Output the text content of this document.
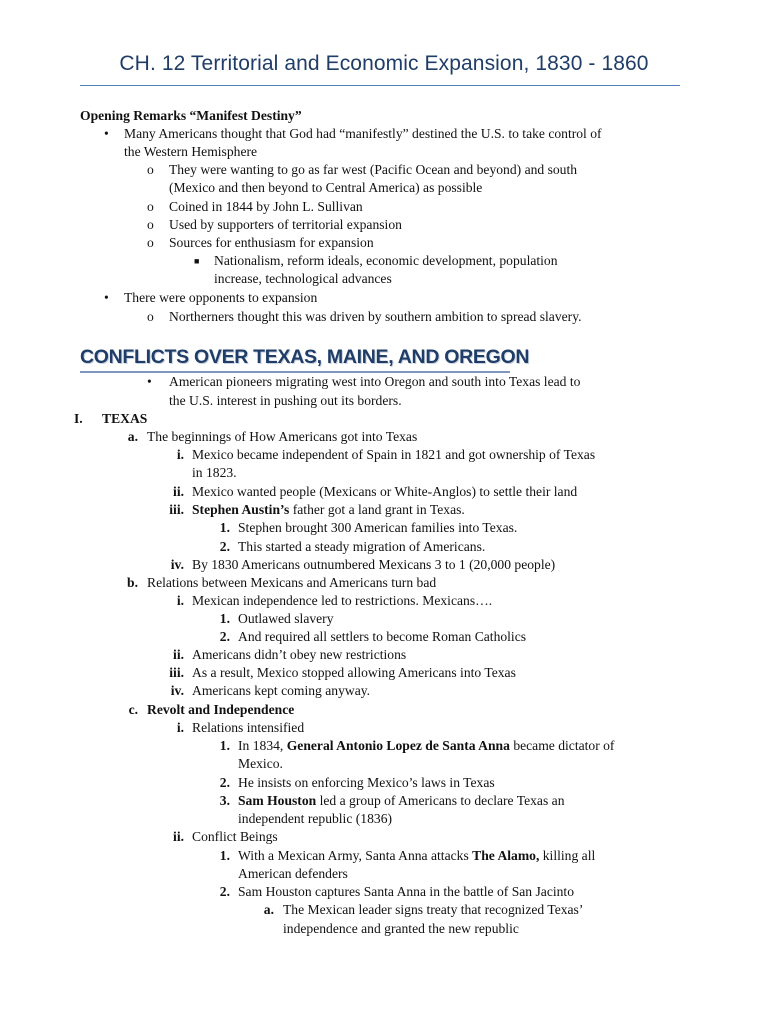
CH. 12 Territorial and Economic Expansion, 1830 - 1860
Opening Remarks “Manifest Destiny”
• Many Americans thought that God had “manifestly” destined the U.S. to take control of
the Western Hemisphere
o They were wanting to go as far west (Pacific Ocean and beyond) and south
(Mexico and then beyond to Central America) as possible
o Coined in 1844 by John L. Sullivan
o Used by supporters of territorial expansion
o Sources for enthusiasm for expansion
■ Nationalism, reform ideals, economic development, population
increase, technological advances
• There were opponents to expansion
o Northerners thought this was driven by southern ambition to spread slavery.
CONFLICTS OVER TEXAS, MAINE, AND OREGON
• American pioneers migrating west into Oregon and south into Texas lead to
the U.S. interest in pushing out its borders.
I.	TEXAS
a. The beginnings of How Americans got into Texas
i. Mexico became independent of Spain in 1821 and got ownership of Texas
in 1823.
ii. Mexico wanted people (Mexicans or White-Anglos) to settle their land
iii. Stephen Austin’s father got a land grant in Texas.
1. Stephen brought 300 American families into Texas.
2. This started a steady migration of Americans.
iv. By 1830 Americans outnumbered Mexicans 3 to 1 (20,000 people)
b. Relations between Mexicans and Americans turn bad
i. Mexican independence led to restrictions. Mexicans….
1. Outlawed slavery
2. And required all settlers to become Roman Catholics
ii. Americans didn’t obey new restrictions
iii. As a result, Mexico stopped allowing Americans into Texas
iv. Americans kept coming anyway.
c. Revolt and Independence
i. Relations intensified
1. In 1834, General Antonio Lopez de Santa Anna became dictator of
Mexico.
2. He insists on enforcing Mexico’s laws in Texas
3. Sam Houston led a group of Americans to declare Texas an
independent republic (1836)
ii. Conflict Beings
1. With a Mexican Army, Santa Anna attacks The Alamo, killing all
American defenders
2. Sam Houston captures Santa Anna in the battle of San Jacinto
a. The Mexican leader signs treaty that recognized Texas’
independence and granted the new republic
